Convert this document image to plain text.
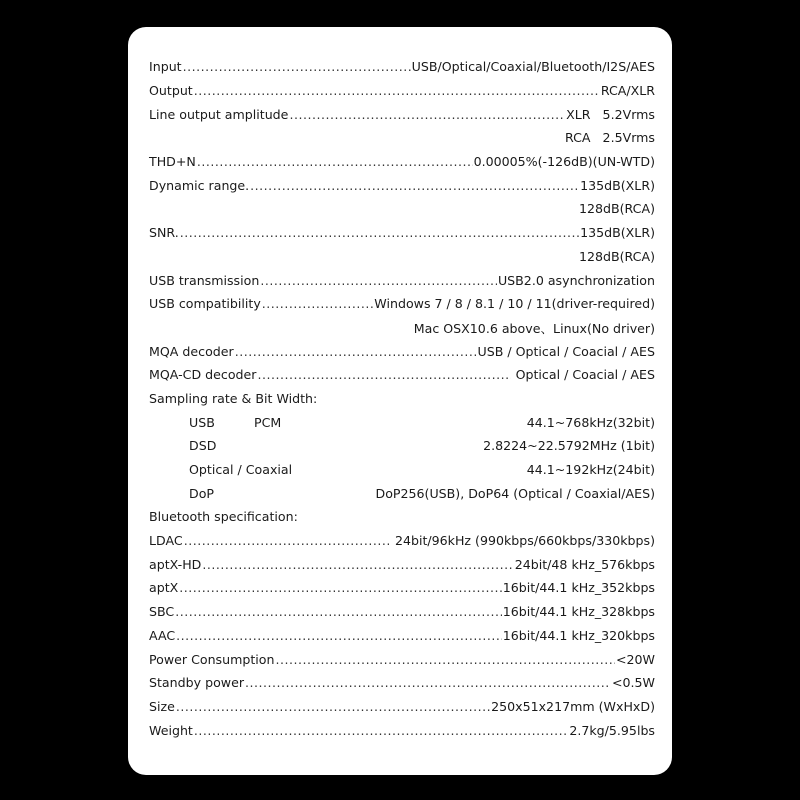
Input .....	USB/Optical/Coaxial/Bluetooth/I2S/AES
Output .....	RCA/XLR
Line output amplitude .....	XLR   5.2Vrms
RCA   2.5Vrms
THD+N .....	0.00005%(-126dB)(UN-WTD)
Dynamic range. .....	135dB(XLR)
128dB(RCA)
SNR. .....	135dB(XLR)
128dB(RCA)
USB transmission .....	USB2.0 asynchronization
USB compatibility .....	Windows 7 / 8 / 8.1 / 10 / 11(driver-required)
Mac OSX10.6 above、Linux(No driver)
MQA decoder .....	USB / Optical / Coacial / AES
MQA-CD decoder .....	Optical / Coacial / AES
Sampling rate & Bit Width:
USB	PCM	44.1~768kHz(32bit)
DSD	2.8224~22.5792MHz (1bit)
Optical / Coaxial	44.1~192kHz(24bit)
DoP	DoP256(USB), DoP64 (Optical / Coaxial/AES)
Bluetooth specification:
LDAC .....	24bit/96kHz (990kbps/660kbps/330kbps)
aptX-HD .....	24bit/48 kHz_576kbps
aptX .....	16bit/44.1 kHz_352kbps
SBC .....	16bit/44.1 kHz_328kbps
AAC .....	16bit/44.1 kHz_320kbps
Power Consumption .....	<20W
Standby power .....	<0.5W
Size .....	250x51x217mm (WxHxD)
Weight .....	2.7kg/5.95lbs
